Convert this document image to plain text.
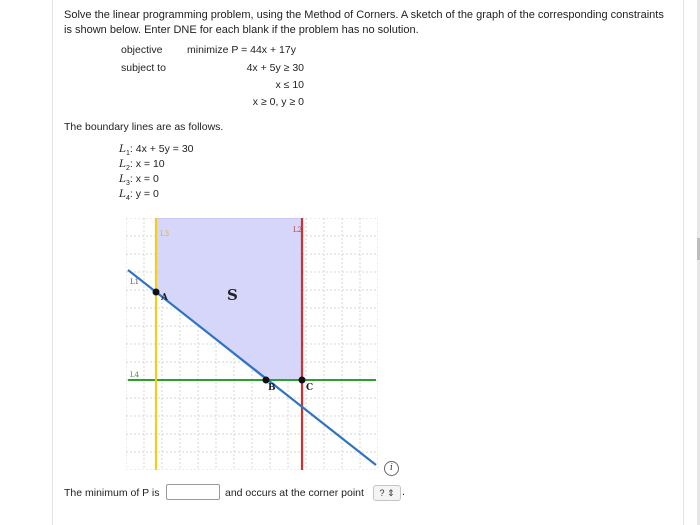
Solve the linear programming problem, using the Method of Corners. A sketch of the graph of the corresponding constraints is shown below. Enter DNE for each blank if the problem has no solution.
objective minimize P = 44x + 17y
subject to	4x + 5y ≥ 30
x ≤ 10
x ≥ 0, y ≥ 0
The boundary lines are as follows.
$L_1$: 4x + 5y = 30
$L_2$: x = 10
$L_3$: x = 0
$L_4$: y = 0
S
L1
L2
L3
L4
A
B	C
i
The minimum of P is	and occurs at the corner point	? ⇕ .
